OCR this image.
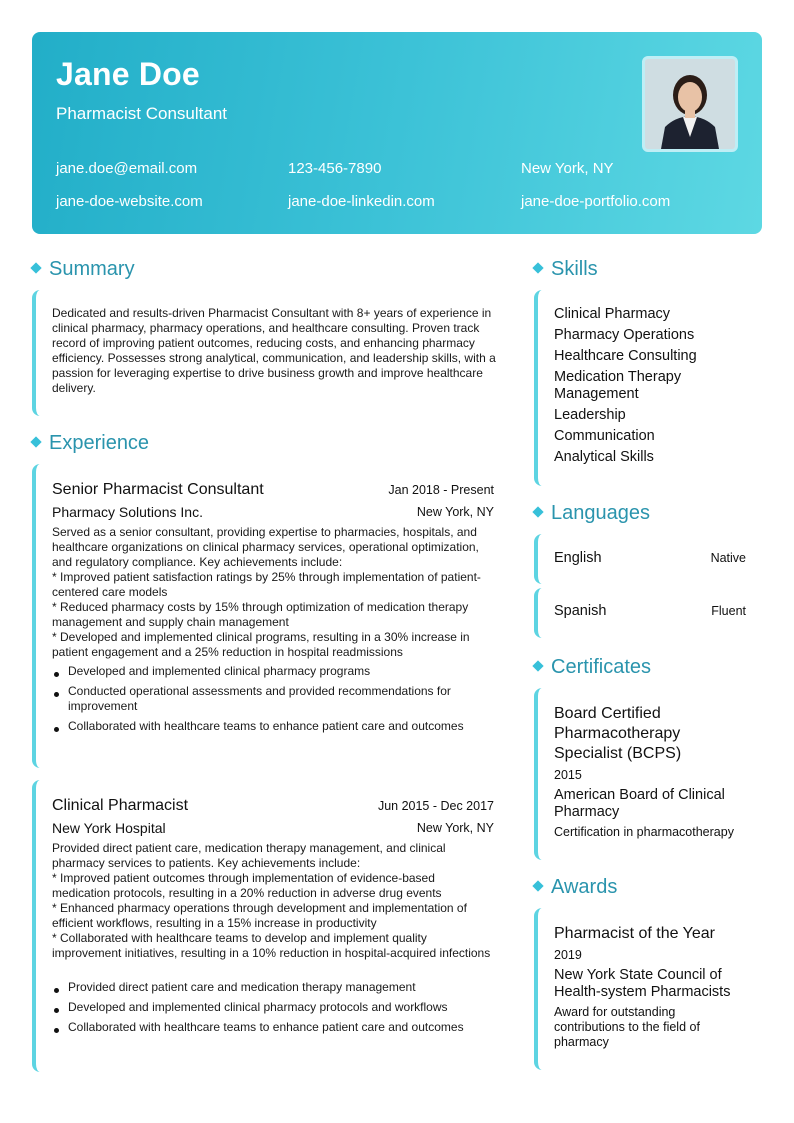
Jane Doe
Pharmacist Consultant
jane.doe@email.com	123-456-7890	New York, NY
jane-doe-website.com	jane-doe-linkedin.com	jane-doe-portfolio.com
Summary
Dedicated and results-driven Pharmacist Consultant with 8+ years of experience in clinical pharmacy, pharmacy operations, and healthcare consulting. Proven track record of improving patient outcomes, reducing costs, and enhancing pharmacy efficiency. Possesses strong analytical, communication, and leadership skills, with a passion for leveraging expertise to drive business growth and improve healthcare delivery.
Experience
Senior Pharmacist Consultant	Jan 2018 - Present
Pharmacy Solutions Inc.	New York, NY
Served as a senior consultant, providing expertise to pharmacies, hospitals, and healthcare organizations on clinical pharmacy services, operational optimization, and regulatory compliance. Key achievements include:
* Improved patient satisfaction ratings by 25% through implementation of patient-centered care models
* Reduced pharmacy costs by 15% through optimization of medication therapy management and supply chain management
* Developed and implemented clinical programs, resulting in a 30% increase in patient engagement and a 25% reduction in hospital readmissions
Developed and implemented clinical pharmacy programs
Conducted operational assessments and provided recommendations for improvement
Collaborated with healthcare teams to enhance patient care and outcomes
Clinical Pharmacist	Jun 2015 - Dec 2017
New York Hospital	New York, NY
Provided direct patient care, medication therapy management, and clinical pharmacy services to patients. Key achievements include:
* Improved patient outcomes through implementation of evidence-based medication protocols, resulting in a 20% reduction in adverse drug events
* Enhanced pharmacy operations through development and implementation of efficient workflows, resulting in a 15% increase in productivity
* Collaborated with healthcare teams to develop and implement quality improvement initiatives, resulting in a 10% reduction in hospital-acquired infections
Provided direct patient care and medication therapy management
Developed and implemented clinical pharmacy protocols and workflows
Collaborated with healthcare teams to enhance patient care and outcomes
Skills
Clinical Pharmacy
Pharmacy Operations
Healthcare Consulting
Medication Therapy Management
Leadership
Communication
Analytical Skills
Languages
English	Native
Spanish	Fluent
Certificates
Board Certified Pharmacotherapy Specialist (BCPS)
2015
American Board of Clinical Pharmacy
Certification in pharmacotherapy
Awards
Pharmacist of the Year
2019
New York State Council of Health-system Pharmacists
Award for outstanding contributions to the field of pharmacy
